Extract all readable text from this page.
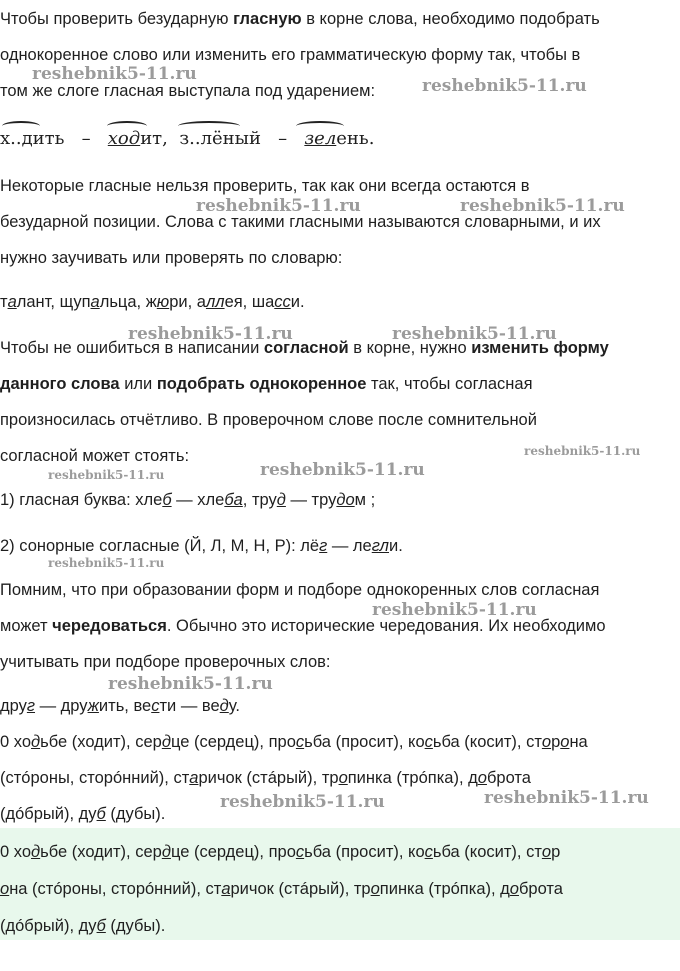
Чтобы проверить безударную гласную в корне слова, необходимо подобрать

однокоренное слово или изменить его грамматическую форму так, чтобы в

том же слоге гласная выступала под ударением:

х..дить – ходит, з..лёный – зелень.

Некоторые гласные нельзя проверить, так как они всегда остаются в

безударной позиции. Слова с такими гласными называются словарными, и их

нужно заучивать или проверять по словарю:

талант, щупальца, жюри, аллея, шасси.

Чтобы не ошибиться в написании согласной в корне, нужно изменить форму

данного слова или подобрать однокоренное так, чтобы согласная

произносилась отчётливо. В проверочном слове после сомнительной

согласной может стоять:

1) гласная буква: хлеб — хлеба, труд — трудом ;

2) сонорные согласные (Й, Л, М, Н, Р): лёг — легли.

Помним, что при образовании форм и подборе однокоренных слов согласная

может чередоваться. Обычно это исторические чередования. Их необходимо

учитывать при подборе проверочных слов:

друг — дружить, вести — веду.

0 ходьбе (ходит), сердце (сердец), просьба (просит), косьба (косит), сторона

(стóроны, сторóнний), старичок (стáрый), тропинка (трóпка), доброта

(дóбрый), дуб (дубы).

0 ходьбе (ходит), сердце (сердец), просьба (просит), косьба (косит), стор

она (стóроны, сторóнний), старичок (стáрый), тропинка (трóпка), доброта

(дóбрый), дуб (дубы).

reshebnik5-11.ru
reshebnik5-11.ru
reshebnik5-11.ru	reshebnik5-11.ru
reshebnik5-11.ru	reshebnik5-11.ru
reshebnik5-11.ru
reshebnik5-11.ru	reshebnik5-11.ru
reshebnik5-11.ru
reshebnik5-11.ru
reshebnik5-11.ru
reshebnik5-11.ru	reshebnik5-11.ru
